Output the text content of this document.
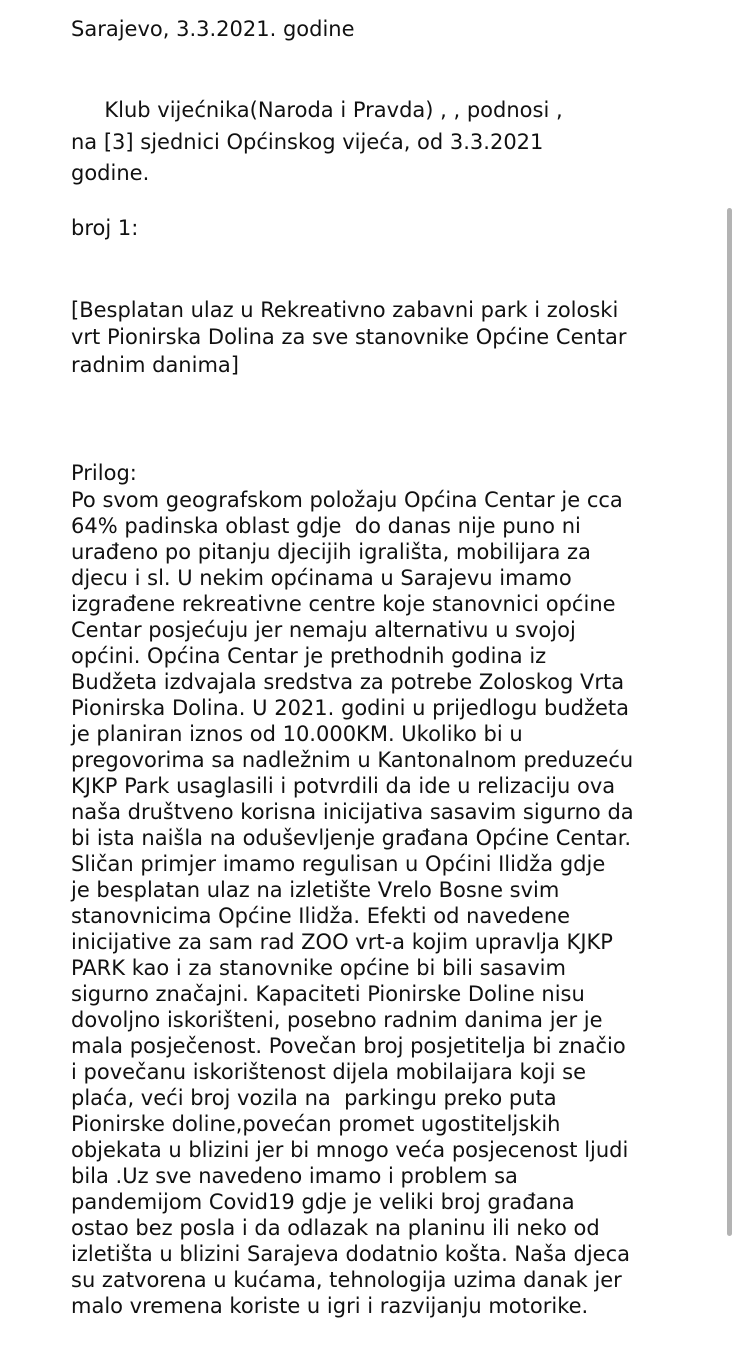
Sarajevo, 3.3.2021. godine
Klub vijećnika(Naroda i Pravda) , , podnosi ,
na [3] sjednici Općinskog vijeća, od 3.3.2021
godine.
broj 1:
[Besplatan ulaz u Rekreativno zabavni park i zoloski
vrt Pionirska Dolina za sve stanovnike Općine Centar
radnim danima]
Prilog:
Po svom geografskom položaju Općina Centar je cca
64% padinska oblast gdje  do danas nije puno ni
urađeno po pitanju djecijih igrališta, mobilijara za
djecu i sl. U nekim općinama u Sarajevu imamo
izgrađene rekreativne centre koje stanovnici općine
Centar posjećuju jer nemaju alternativu u svojoj
općini. Općina Centar je prethodnih godina iz
Budžeta izdvajala sredstva za potrebe Zoloskog Vrta
Pionirska Dolina. U 2021. godini u prijedlogu budžeta
je planiran iznos od 10.000KM. Ukoliko bi u
pregovorima sa nadležnim u Kantonalnom preduzeću
KJKP Park usaglasili i potvrdili da ide u relizaciju ova
naša društveno korisna inicijativa sasavim sigurno da
bi ista naišla na oduševljenje građana Općine Centar.
Sličan primjer imamo regulisan u Općini Ilidža gdje
je besplatan ulaz na izletište Vrelo Bosne svim
stanovnicima Općine Ilidža. Efekti od navedene
inicijative za sam rad ZOO vrt-a kojim upravlja KJKP
PARK kao i za stanovnike općine bi bili sasavim
sigurno značajni. Kapaciteti Pionirske Doline nisu
dovoljno iskorišteni, posebno radnim danima jer je
mala posječenost. Povečan broj posjetitelja bi značio
i povečanu iskorištenost dijela mobilaijara koji se
plaća, veći broj vozila na  parkingu preko puta
Pionirske doline,povećan promet ugostiteljskih
objekata u blizini jer bi mnogo veća posjecenost ljudi
bila .Uz sve navedeno imamo i problem sa
pandemijom Covid19 gdje je veliki broj građana
ostao bez posla i da odlazak na planinu ili neko od
izletišta u blizini Sarajeva dodatnio košta. Naša djeca
su zatvorena u kućama, tehnologija uzima danak jer
malo vremena koriste u igri i razvijanju motorike.
